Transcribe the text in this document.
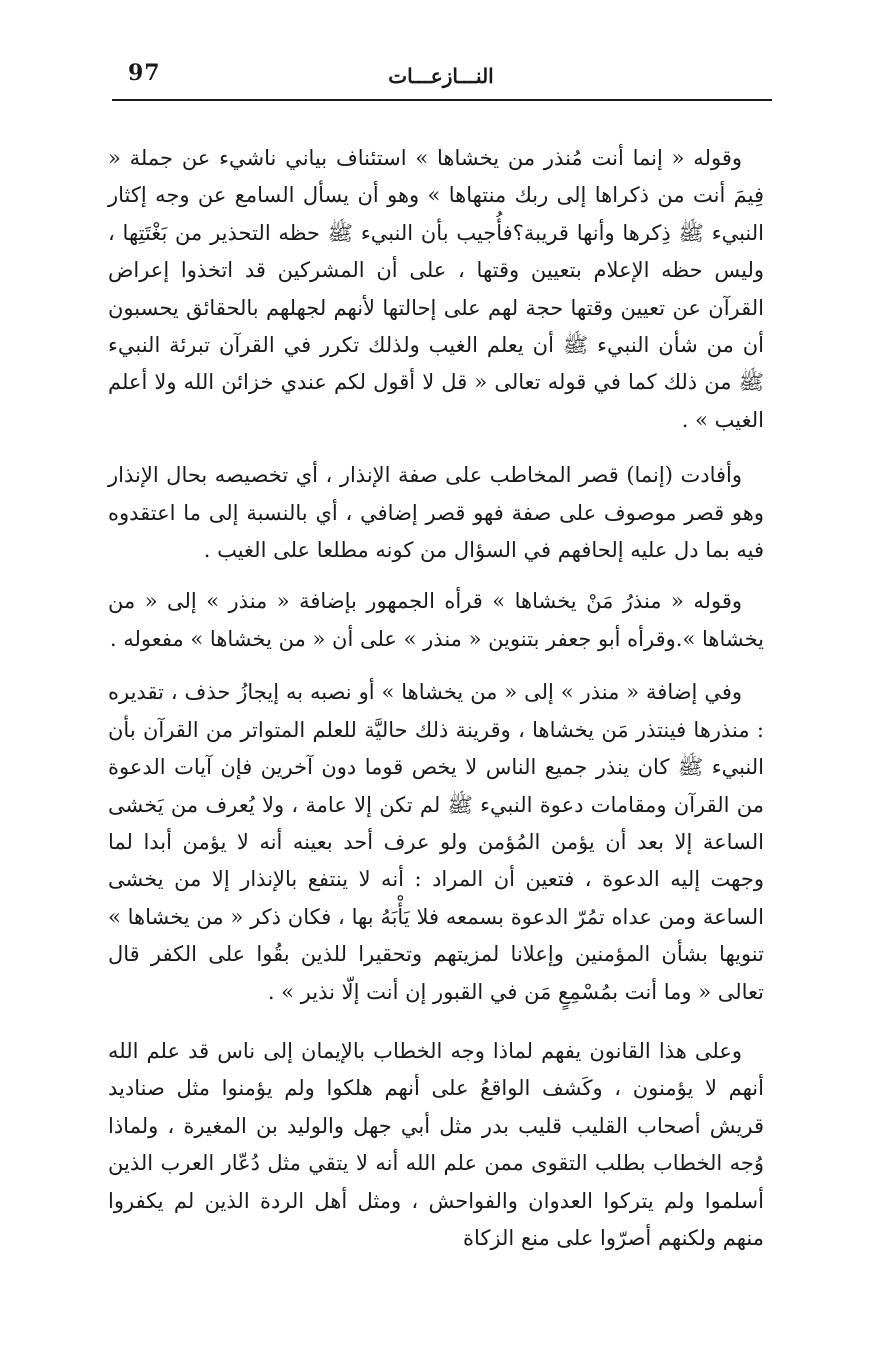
97	النـــازعـــات

وقوله « إنما أنت مُنذر من يخشاها » استئناف بياني ناشيء عن جملة « فِيمَ أنت من ذكراها إلى ربك منتهاها » وهو أن يسأل السامع عن وجه إكثار النبيء ﷺ ذِكرها وأنها قريبة؟فأُجيب بأن النبيء ﷺ حظه التحذير من بَغْتَتِها ، وليس حظه الإعلام بتعيين وقتها ، على أن المشركين قد اتخذوا إعراض القرآن عن تعيين وقتها حجة لهم على إحالتها لأنهم لجهلهم بالحقائق يحسبون أن من شأن النبيء ﷺ أن يعلم الغيب ولذلك تكرر في القرآن تبرئة النبيء ﷺ من ذلك كما في قوله تعالى « قل لا أقول لكم عندي خزائن الله ولا أعلم الغيب » .

وأفادت (إنما) قصر المخاطب على صفة الإنذار ، أي تخصيصه بحال الإنذار وهو قصر موصوف على صفة فهو قصر إضافي ، أي بالنسبة إلى ما اعتقدوه فيه بما دل عليه إلحافهم في السؤال من كونه مطلعا على الغيب .

وقوله « منذرُ مَنْ يخشاها » قرأه الجمهور بإضافة « منذر » إلى « من يخشاها ».وقرأه أبو جعفر بتنوين « منذر » على أن « من يخشاها » مفعوله .

وفي إضافة « منذر » إلى « من يخشاها » أو نصبه به إيجازُ حذف ، تقديره : منذرها فينتذر مَن يخشاها ، وقرينة ذلك حاليَّة للعلم المتواتر من القرآن بأن النبيء ﷺ كان ينذر جميع الناس لا يخص قوما دون آخرين فإن آيات الدعوة من القرآن ومقامات دعوة النبيء ﷺ لم تكن إلا عامة ، ولا يُعرف من يَخشى الساعة إلا بعد أن يؤمن المُؤمن ولو عرف أحد بعينه أنه لا يؤمن أبدا لما وجهت إليه الدعوة ، فتعين أن المراد : أنه لا ينتفع بالإنذار إلا من يخشى الساعة ومن عداه تمُرّ الدعوة بسمعه فلا يَأْبَهُ بها ، فكان ذكر « من يخشاها » تنويها بشأن المؤمنين وإعلانا لمزيتهم وتحقيرا للذين بقُوا على الكفر قال تعالى « وما أنت بمُسْمِعٍ مَن في القبور إن أنت إلّا نذير » .

وعلى هذا القانون يفهم لماذا وجه الخطاب بالإيمان إلى ناس قد علم الله أنهم لا يؤمنون ، وكَشف الواقعُ على أنهم هلكوا ولم يؤمنوا مثل صناديد قريش أصحاب القليب قليب بدر مثل أبي جهل والوليد بن المغيرة ، ولماذا وُجه الخطاب بطلب التقوى ممن علم الله أنه لا يتقي مثل دُعّار العرب الذين أسلموا ولم يتركوا العدوان والفواحش ، ومثل أهل الردة الذين لم يكفروا منهم ولكنهم أصرّوا على منع الزكاة
